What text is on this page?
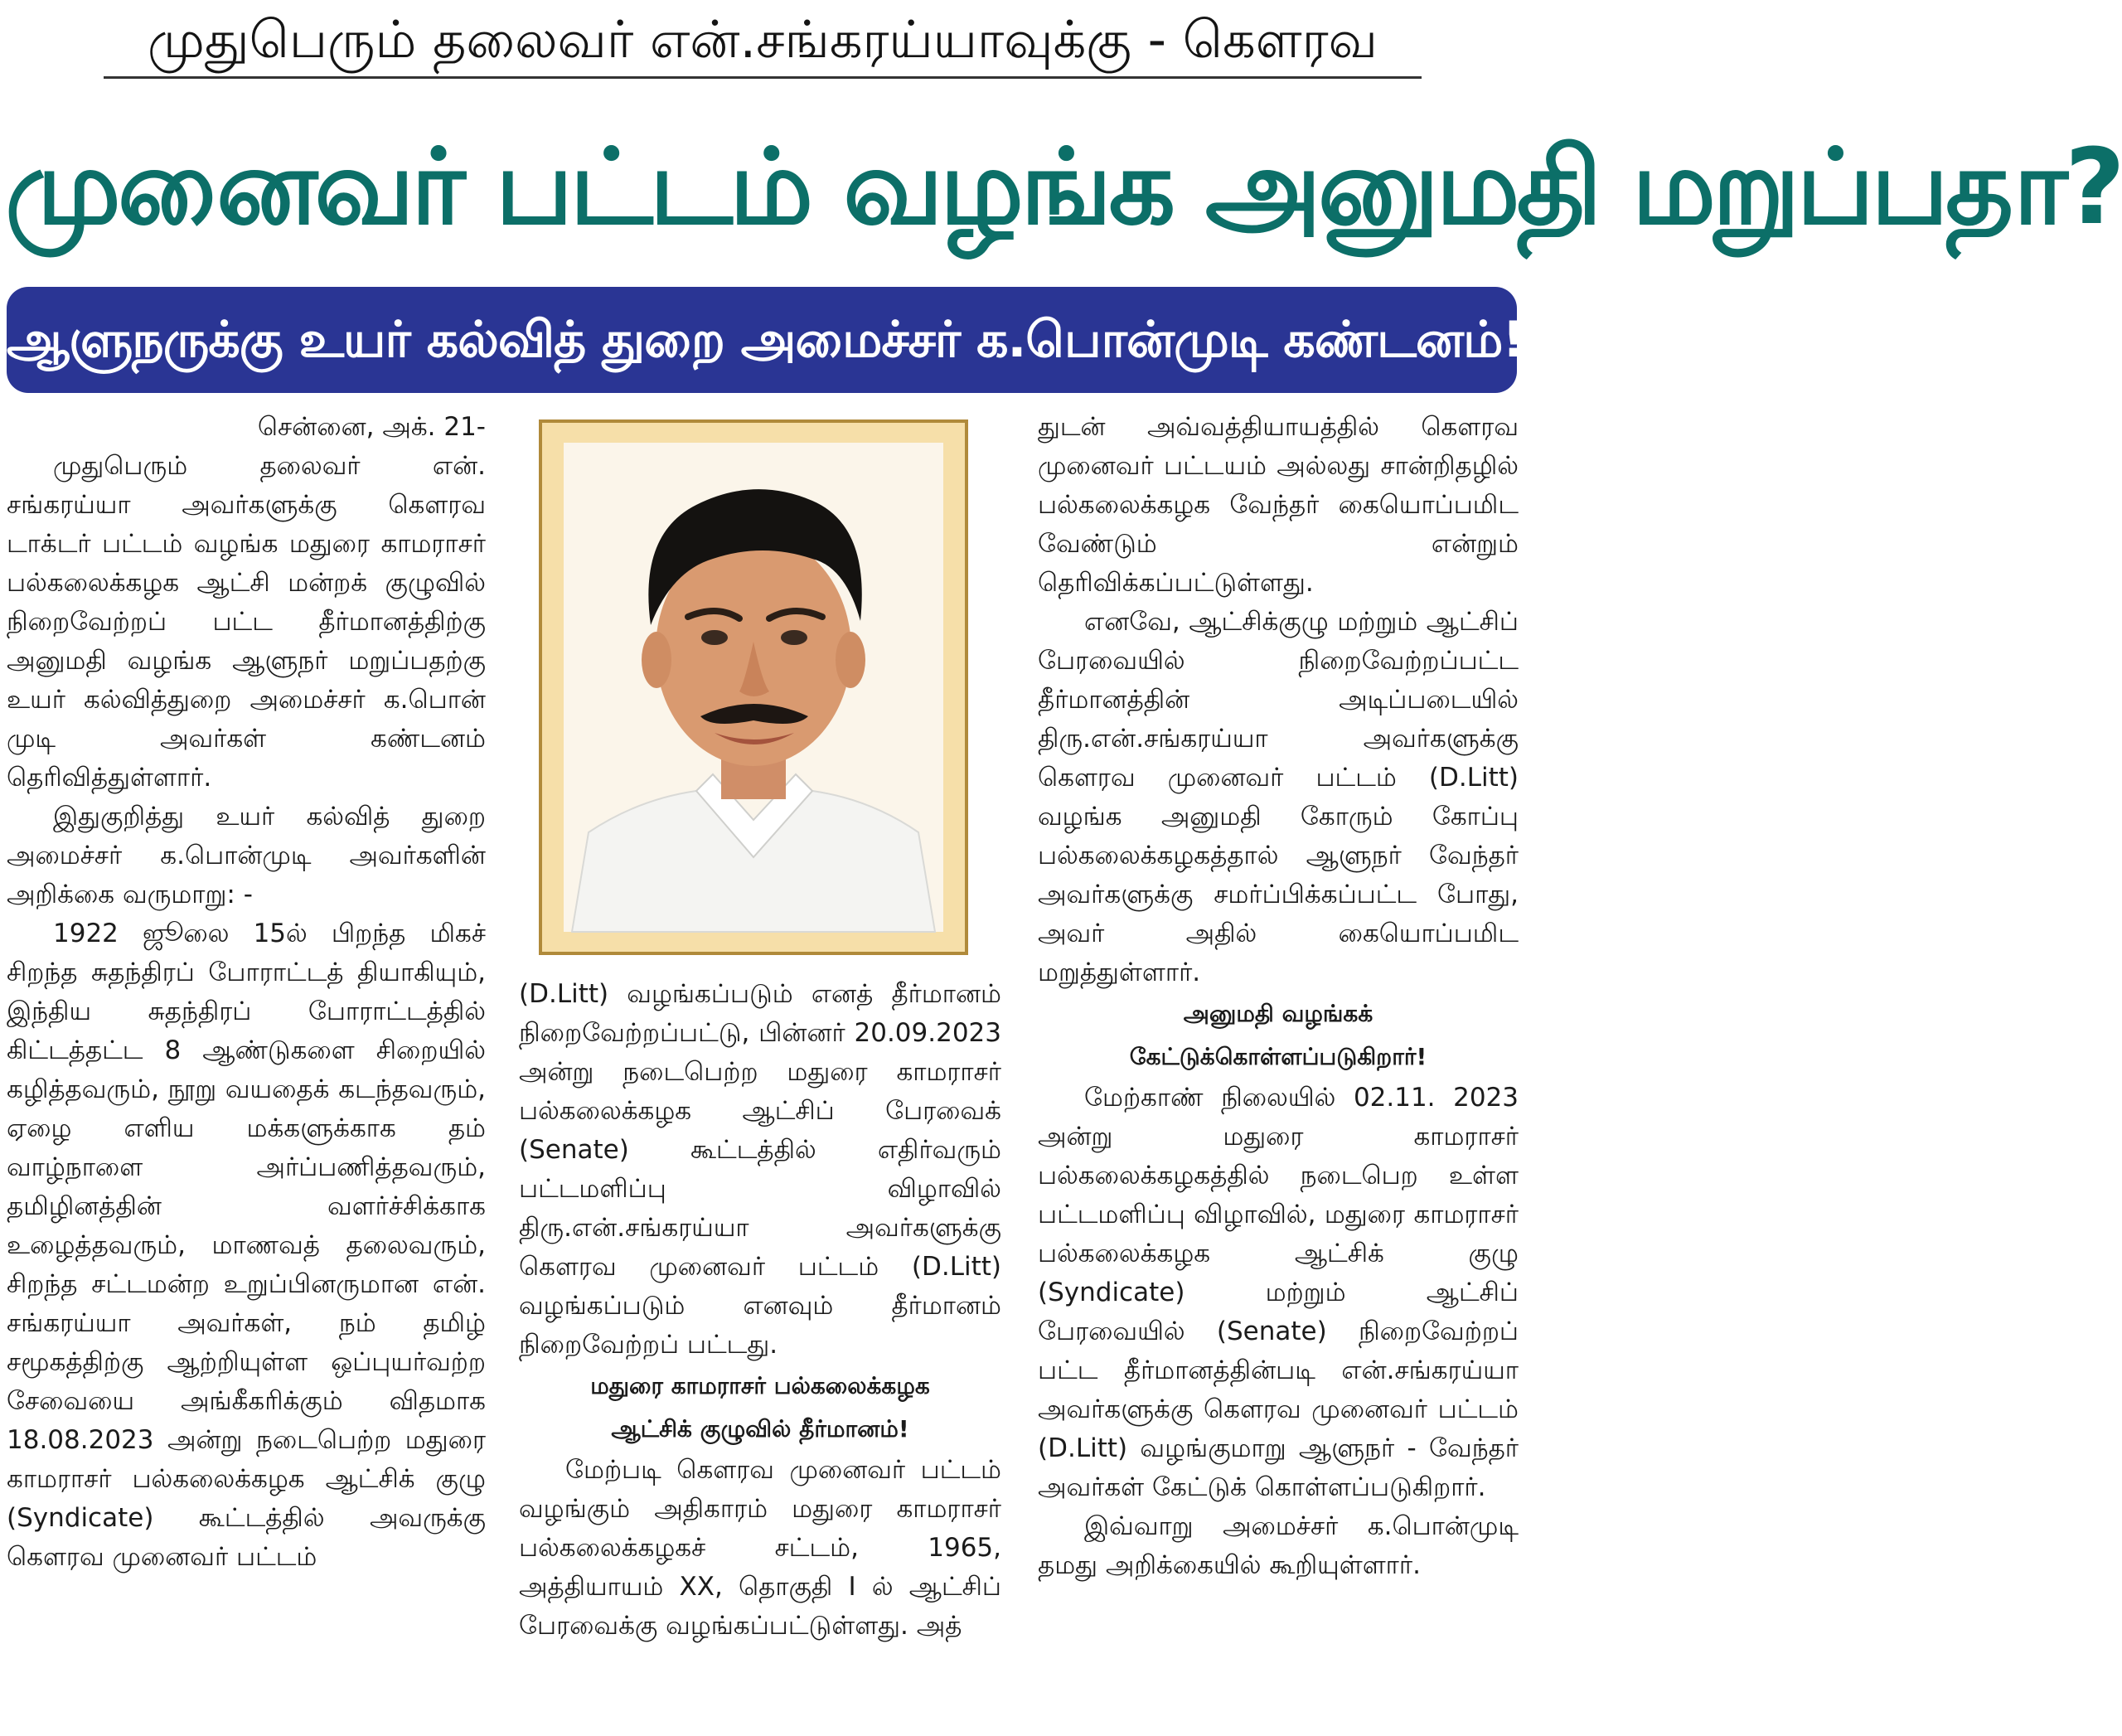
முதுபெரும் தலைவர் என்.சங்கரய்யாவுக்கு - கௌரவ
முனைவர் பட்டம் வழங்க அனுமதி மறுப்பதா?
ஆளுநருக்கு உயர் கல்வித் துறை அமைச்சர் க.பொன்முடி கண்டனம்!

சென்னை, அக். 21-

முதுபெரும் தலைவர் என். சங்கரய்யா அவர்களுக்கு கௌரவ டாக்டர் பட்டம் வழங்க மதுரை காமராசர் பல்கலைக்கழக ஆட்சி மன்றக் குழுவில் நிறைவேற்றப் பட்ட தீர்மானத்திற்கு அனுமதி வழங்க ஆளுநர் மறுப்பதற்கு உயர் கல்வித்துறை அமைச்சர் க.பொன் முடி அவர்கள் கண்டனம் தெரிவித்துள்ளார்.

இதுகுறித்து உயர் கல்வித் துறை அமைச்சர் க.பொன்முடி அவர்களின் அறிக்கை வருமாறு: -

1922 ஜூலை 15ல் பிறந்த மிகச் சிறந்த சுதந்திரப் போராட்டத் தியாகியும், இந்திய சுதந்திரப் போராட்டத்தில் கிட்டத்தட்ட 8 ஆண்டுகளை சிறையில் கழித்தவரும், நூறு வயதைக் கடந்தவரும், ஏழை எளிய மக்களுக்காக தம் வாழ்நாளை அர்ப்பணித்தவரும், தமிழினத்தின் வளர்ச்சிக்காக உழைத்தவரும், மாணவத் தலைவரும், சிறந்த சட்டமன்ற உறுப்பினருமான என். சங்கரய்யா அவர்கள், நம் தமிழ் சமூகத்திற்கு ஆற்றியுள்ள ஒப்புயர்வற்ற சேவையை அங்கீகரிக்கும் விதமாக 18.08.2023 அன்று நடைபெற்ற மதுரை காமராசர் பல்கலைக்கழக ஆட்சிக் குழு (Syndicate) கூட்டத்தில் அவருக்கு கௌரவ முனைவர் பட்டம்

(D.Litt) வழங்கப்படும் எனத் தீர்மானம் நிறைவேற்றப்பட்டு, பின்னர் 20.09.2023 அன்று நடைபெற்ற மதுரை காமராசர் பல்கலைக்கழக ஆட்சிப் பேரவைக் (Senate) கூட்டத்தில் எதிர்வரும் பட்டமளிப்பு விழாவில் திரு.என்.சங்கரய்யா அவர்களுக்கு கௌரவ முனைவர் பட்டம் (D.Litt) வழங்கப்படும் எனவும் தீர்மானம் நிறைவேற்றப் பட்டது.

மதுரை காமராசர் பல்கலைக்கழக
ஆட்சிக் குழுவில் தீர்மானம்!

மேற்படி கௌரவ முனைவர் பட்டம் வழங்கும் அதிகாரம் மதுரை காமராசர் பல்கலைக்கழகச் சட்டம், 1965, அத்தியாயம் XX, தொகுதி I ல் ஆட்சிப் பேரவைக்கு வழங்கப்பட்டுள்ளது. அத்

துடன் அவ்வத்தியாயத்தில் கௌரவ முனைவர் பட்டயம் அல்லது சான்றிதழில் பல்கலைக்கழக வேந்தர் கையொப்பமிட வேண்டும் என்றும் தெரிவிக்கப்பட்டுள்ளது.

எனவே, ஆட்சிக்குழு மற்றும் ஆட்சிப் பேரவையில் நிறைவேற்றப்பட்ட தீர்மானத்தின் அடிப்படையில் திரு.என்.சங்கரய்யா அவர்களுக்கு கௌரவ முனைவர் பட்டம் (D.Litt) வழங்க அனுமதி கோரும் கோப்பு பல்கலைக்கழகத்தால் ஆளுநர் வேந்தர் அவர்களுக்கு சமர்ப்பிக்கப்பட்ட போது, அவர் அதில் கையொப்பமிட மறுத்துள்ளார்.

அனுமதி வழங்கக்
கேட்டுக்கொள்ளப்படுகிறார்!

மேற்காண் நிலையில் 02.11. 2023 அன்று மதுரை காமராசர் பல்கலைக்கழகத்தில் நடைபெற உள்ள பட்டமளிப்பு விழாவில், மதுரை காமராசர் பல்கலைக்கழக ஆட்சிக் குழு (Syndicate) மற்றும் ஆட்சிப் பேரவையில் (Senate) நிறைவேற்றப் பட்ட தீர்மானத்தின்படி என்.சங்கரய்யா அவர்களுக்கு கௌரவ முனைவர் பட்டம் (D.Litt) வழங்குமாறு ஆளுநர் - வேந்தர் அவர்கள் கேட்டுக் கொள்ளப்படுகிறார்.

இவ்வாறு அமைச்சர் க.பொன்முடி தமது அறிக்கையில் கூறியுள்ளார்.
